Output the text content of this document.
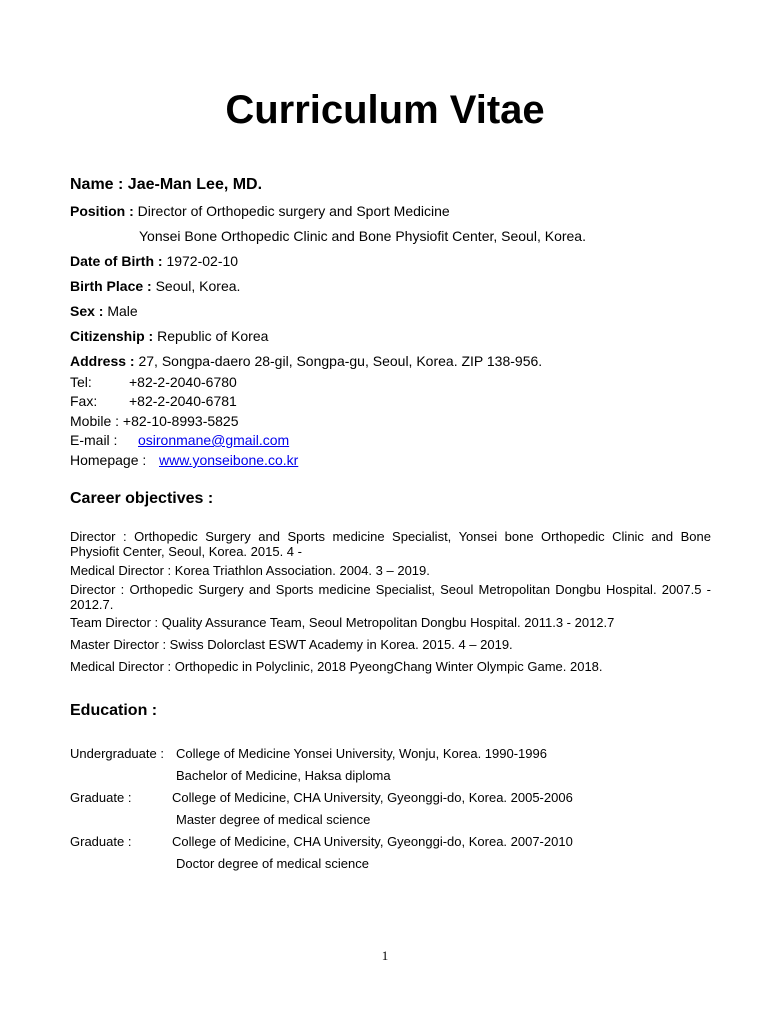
Curriculum Vitae
Name : Jae-Man Lee, MD.
Position : Director of Orthopedic surgery and Sport Medicine
Yonsei Bone Orthopedic Clinic and Bone Physiofit Center, Seoul, Korea.
Date of Birth : 1972-02-10
Birth Place : Seoul, Korea.
Sex : Male
Citizenship : Republic of Korea
Address : 27, Songpa-daero 28-gil, Songpa-gu, Seoul, Korea. ZIP 138-956.
Tel:	+82-2-2040-6780
Fax: +82-2-2040-6781
Mobile : +82-10-8993-5825
E-mail : osironmane@gmail.com
Homepage : www.yonseibone.co.kr
Career objectives :
Director : Orthopedic Surgery and Sports medicine Specialist, Yonsei bone Orthopedic Clinic and Bone Physiofit Center, Seoul, Korea. 2015. 4 -
Medical Director : Korea Triathlon Association. 2004. 3 – 2019.
Director : Orthopedic Surgery and Sports medicine Specialist, Seoul Metropolitan Dongbu Hospital. 2007.5 - 2012.7.
Team Director : Quality Assurance Team, Seoul Metropolitan Dongbu Hospital. 2011.3 - 2012.7
Master Director : Swiss Dolorclast ESWT Academy in Korea. 2015. 4 – 2019.
Medical Director : Orthopedic in Polyclinic, 2018 PyeongChang Winter Olympic Game. 2018.
Education :
Undergraduate : College of Medicine Yonsei University, Wonju, Korea. 1990-1996
Bachelor of Medicine, Haksa diploma
Graduate :	College of Medicine, CHA University, Gyeonggi-do, Korea. 2005-2006
Master degree of medical science
Graduate :	College of Medicine, CHA University, Gyeonggi-do, Korea. 2007-2010
Doctor degree of medical science
1
